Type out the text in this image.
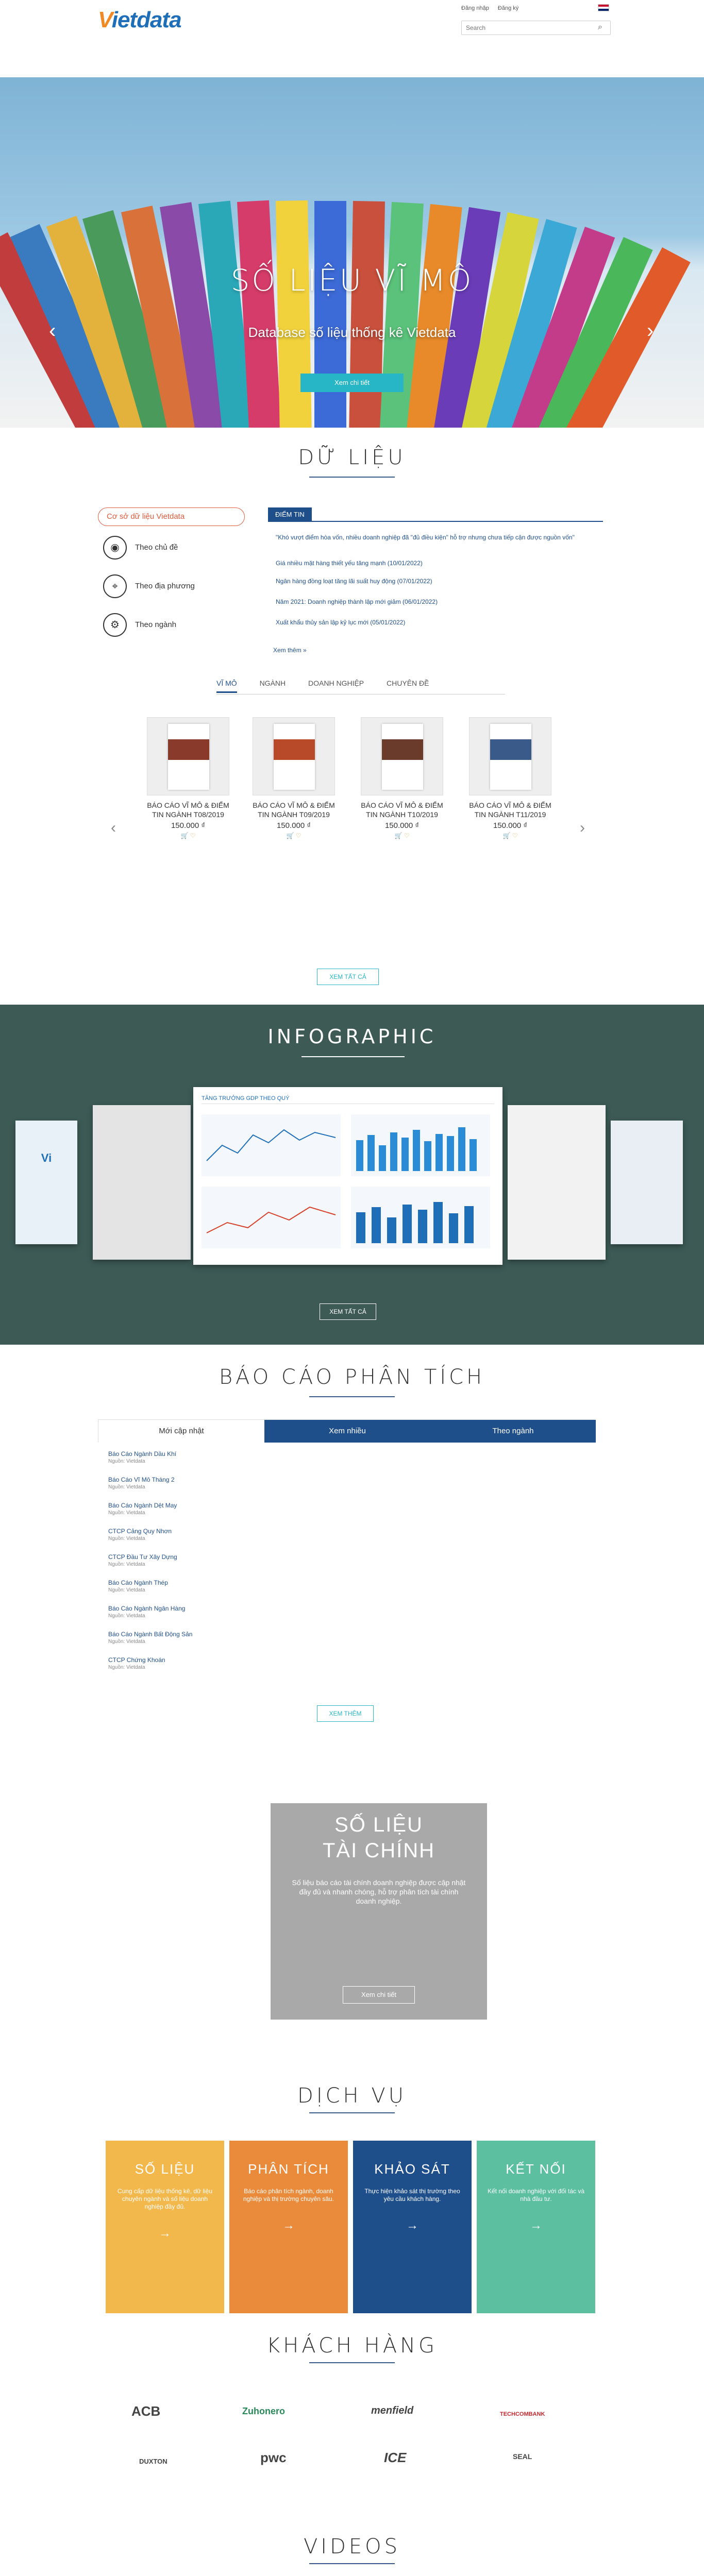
Vietdata	Đăng nhập Đăng ký
Search
⌕
SỐ LIỆU VĨ MÔ
Database số liệu thống kê Vietdata
Xem chi tiết
‹	›
DỮ LIỆU
Cơ sở dữ liệu Vietdata
◉ Theo chủ đề
⌖ Theo địa phương
⚙ Theo ngành
ĐIỂM TIN
"Khó vượt điểm hòa vốn, nhiều doanh nghiệp đã "đủ điều kiện" hỗ trợ nhưng chưa tiếp cận được nguồn vốn"
Giá nhiều mặt hàng thiết yếu tăng mạnh (10/01/2022)
Ngân hàng đồng loạt tăng lãi suất huy động (07/01/2022)
Năm 2021: Doanh nghiệp thành lập mới giảm (06/01/2022)
Xuất khẩu thủy sản lập kỷ lục mới (05/01/2022)
Xem thêm »
VĨ MÔ	NGÀNH	DOANH NGHIỆP	CHUYÊN ĐỀ
‹	›
BÁO CÁO VĨ MÔ & ĐIỂM TIN NGÀNH T08/2019
150.000 ₫
🛒 ♡
BÁO CÁO VĨ MÔ & ĐIỂM TIN NGÀNH T09/2019
150.000 ₫
🛒 ♡
BÁO CÁO VĨ MÔ & ĐIỂM TIN NGÀNH T10/2019
150.000 ₫
🛒 ♡
BÁO CÁO VĨ MÔ & ĐIỂM TIN NGÀNH T11/2019
150.000 ₫
🛒 ♡
XEM TẤT CẢ
INFOGRAPHIC
Vi
TĂNG TRƯỞNG GDP THEO QUÝ
XEM TẤT CẢ
BÁO CÁO PHÂN TÍCH
Mới cập nhật	Xem nhiều	Theo ngành
Báo Cáo Ngành Dầu Khí
Nguồn: Vietdata
Báo Cáo Vĩ Mô Tháng 2
Nguồn: Vietdata
Báo Cáo Ngành Dệt May
Nguồn: Vietdata
CTCP Cảng Quy Nhơn
Nguồn: Vietdata
CTCP Đầu Tư Xây Dựng
Nguồn: Vietdata
Báo Cáo Ngành Thép
Nguồn: Vietdata
Báo Cáo Ngành Ngân Hàng
Nguồn: Vietdata
Báo Cáo Ngành Bất Động Sản
Nguồn: Vietdata
CTCP Chứng Khoán
Nguồn: Vietdata
XEM THÊM
SỐ LIỆU
TÀI CHÍNH
Số liệu báo cáo tài chính doanh nghiệp được cập nhật đầy đủ và nhanh chóng, hỗ trợ phân tích tài chính doanh nghiệp.
Xem chi tiết
DỊCH VỤ
SỐ LIỆU
Cung cấp dữ liệu thống kê, dữ liệu chuyên ngành và số liệu doanh nghiệp đầy đủ.
→
PHÂN TÍCH
Báo cáo phân tích ngành, doanh nghiệp và thị trường chuyên sâu.
→
KHẢO SÁT
Thực hiện khảo sát thị trường theo yêu cầu khách hàng.
→
KẾT NỐI
Kết nối doanh nghiệp với đối tác và nhà đầu tư.
→
KHÁCH HÀNG
ACB	Zuhonero	menfield	TECHCOMBANK
DUXTON	pwc	ICE	SEAL
VIDEOS
